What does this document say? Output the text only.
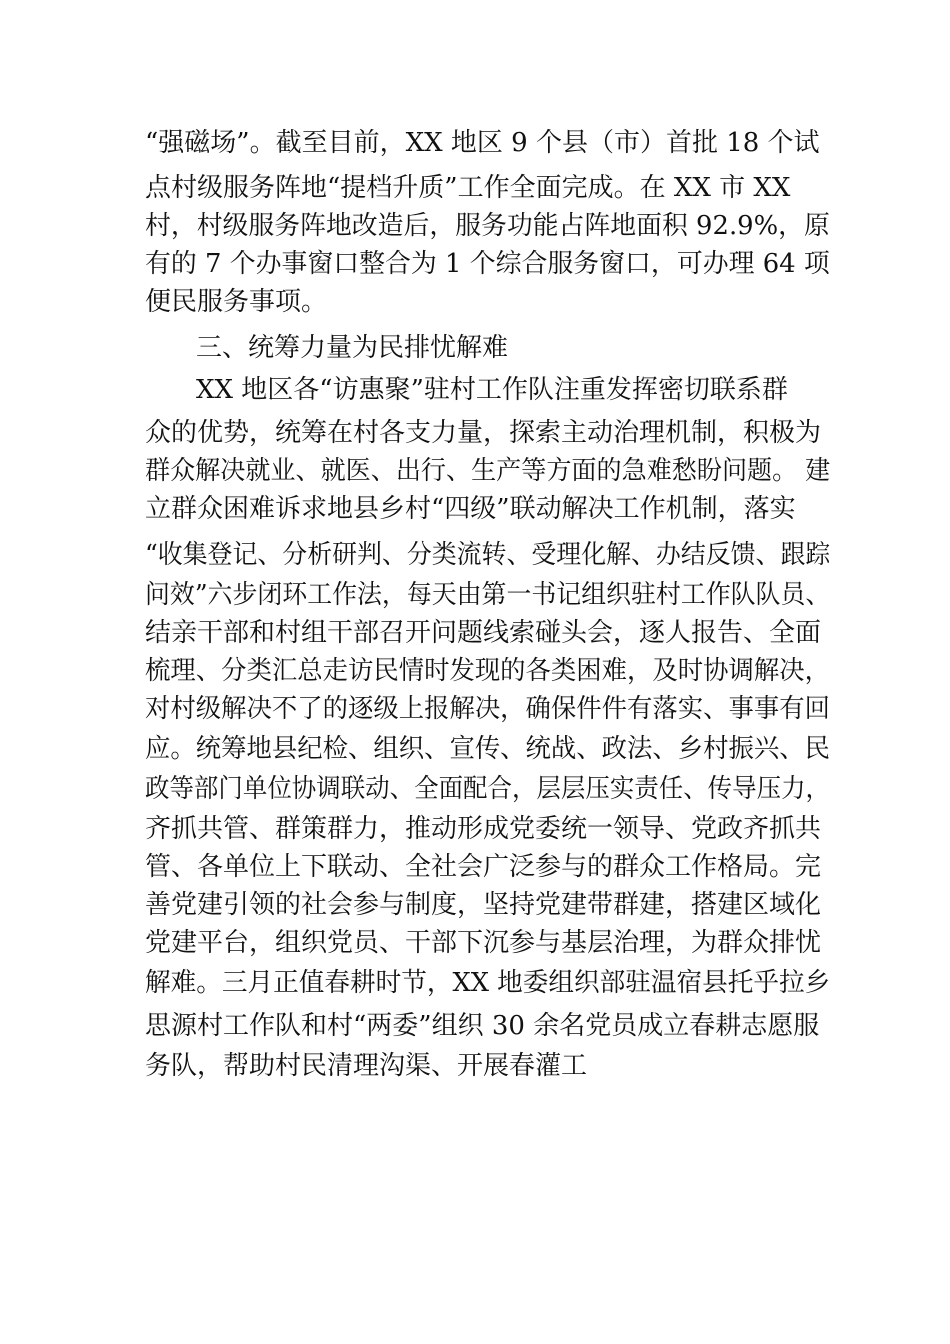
“强磁场”。截至目前，XX 地区 9 个县（市）首批 18 个试
点村级服务阵地“提档升质”工作全面完成。在 XX 市 XX
村，村级服务阵地改造后，服务功能占阵地面积 92.9%，原
有的 7 个办事窗口整合为 1 个综合服务窗口，可办理 64 项
便民服务事项。
三、统筹力量为民排忧解难
XX 地区各“访惠聚”驻村工作队注重发挥密切联系群
众的优势，统筹在村各支力量，探索主动治理机制，积极为
群众解决就业、就医、出行、生产等方面的急难愁盼问题。 建
立群众困难诉求地县乡村“四级”联动解决工作机制，落实
“收集登记、分析研判、分类流转、受理化解、办结反馈、跟踪
问效”六步闭环工作法，每天由第一书记组织驻村工作队队员、
结亲干部和村组干部召开问题线索碰头会，逐人报告、全面
梳理、分类汇总走访民情时发现的各类困难，及时协调解决，
对村级解决不了的逐级上报解决，确保件件有落实、事事有回
应。统筹地县纪检、组织、宣传、统战、政法、乡村振兴、民
政等部门单位协调联动、全面配合，层层压实责任、传导压力，
齐抓共管、群策群力，推动形成党委统一领导、党政齐抓共
管、各单位上下联动、全社会广泛参与的群众工作格局。完
善党建引领的社会参与制度，坚持党建带群建，搭建区域化
党建平台，组织党员、干部下沉参与基层治理，为群众排忧
解难。三月正值春耕时节，XX 地委组织部驻温宿县托乎拉乡
思源村工作队和村“两委”组织 30 余名党员成立春耕志愿服
务队，帮助村民清理沟渠、开展春灌工
